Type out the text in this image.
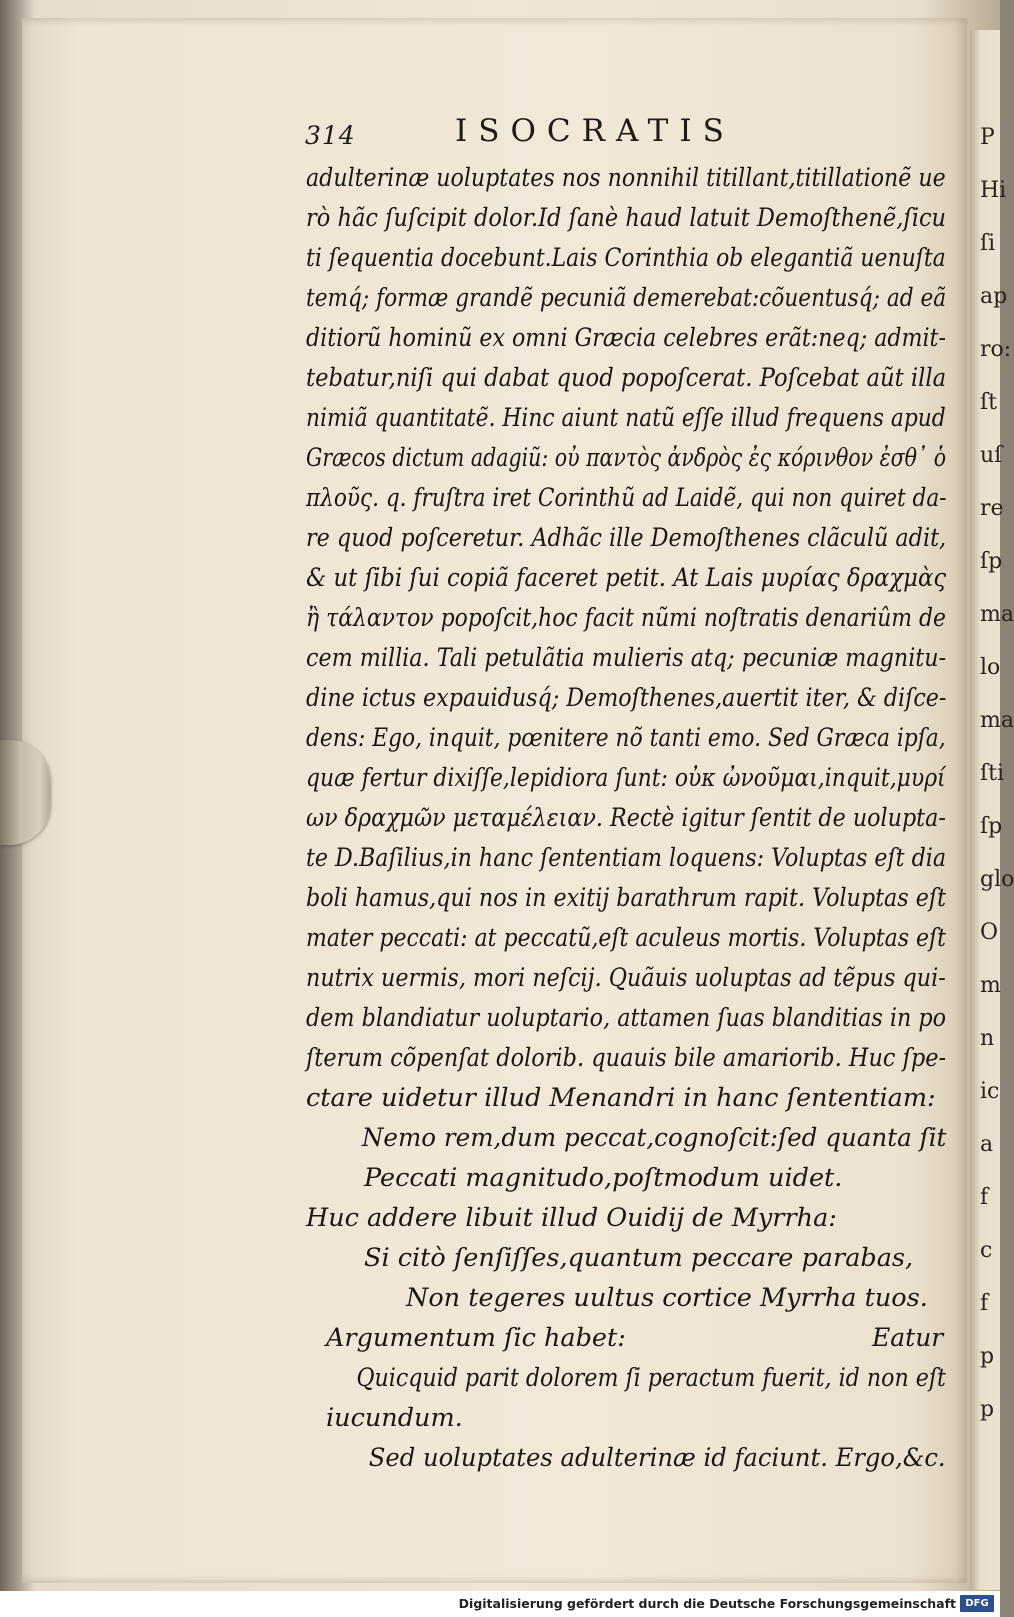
314	ISOCRATIS
adulterinæ uoluptates nos nonnihil titillant,titillationẽ ue
rò hãc ſuſcipit dolor.Id ſanè haud latuit Demoſthenẽ,ſicu
ti ſequentia docebunt.Lais Corinthia ob elegantiã uenuſta
temq́; formæ grandẽ pecuniã demerebat:cõuentusq́; ad eã
ditiorũ hominũ ex omni Græcia celebres erãt:neq; admit-
tebatur,niſi qui dabat quod popoſcerat. Poſcebat aũt illa
nimiã quantitatẽ. Hinc aiunt natũ eſſe illud frequens apud
Græcos dictum adagiũ: οὐ παντὸς ἀνδρὸς ἐς κόρινθον ἐσθ᾽ ὁ
πλοῦς. q. fruſtra iret Corinthũ ad Laidẽ, qui non quiret da-
re quod poſceretur. Adhãc ille Demoſthenes clãculũ adit,
& ut ſibi ſui copiã faceret petit. At Lais μυρίας δραχμὰς
ἢ τάλαντον popoſcit,hoc facit nũmi noſtratis denariûm de
cem millia. Tali petulãtia mulieris atq; pecuniæ magnitu-
dine ictus expauidusq́; Demoſthenes,auertit iter, & diſce-
dens: Ego, inquit, pœnitere nõ tanti emo. Sed Græca ipſa,
quæ fertur dixiſſe,lepidiora ſunt: οὐκ ὠνοῦμαι,inquit,μυρί
ων δραχμῶν μεταμέλειαν. Rectè igitur ſentit de uolupta-
te D.Baſilius,in hanc ſententiam loquens: Voluptas eſt dia
boli hamus,qui nos in exitij barathrum rapit. Voluptas eſt
mater peccati: at peccatũ,eſt aculeus mortis. Voluptas eſt
nutrix uermis, mori neſcij. Quãuis uoluptas ad tẽpus qui-
dem blandiatur uoluptario, attamen ſuas blanditias in po
ſterum cõpenſat dolorib. quauis bile amariorib. Huc ſpe-
ctare uidetur illud Menandri in hanc ſententiam:
Nemo rem,dum peccat,cognoſcit:ſed quanta ſit
Peccati magnitudo,poſtmodum uidet.
Huc addere libuit illud Ouidij de Myrrha:
Si citò ſenſiſſes,quantum peccare parabas,
Non tegeres uultus cortice Myrrha tuos.
Argumentum ſic habet:
Quicquid parit dolorem ſi peractum fuerit, id non eſt
iucundum.
Sed uoluptates adulterinæ id faciunt. Ergo,&c.
Eatur
P
Hi
ſi
ap
ro:
ſt
uſ
re
ſp
ma
lo
ma
ſti
ſp
glo
O
m
n
ic
a
f
c
f
p
p
Digitalisierung gefördert durch die Deutsche Forschungsgemeinschaft DFG
